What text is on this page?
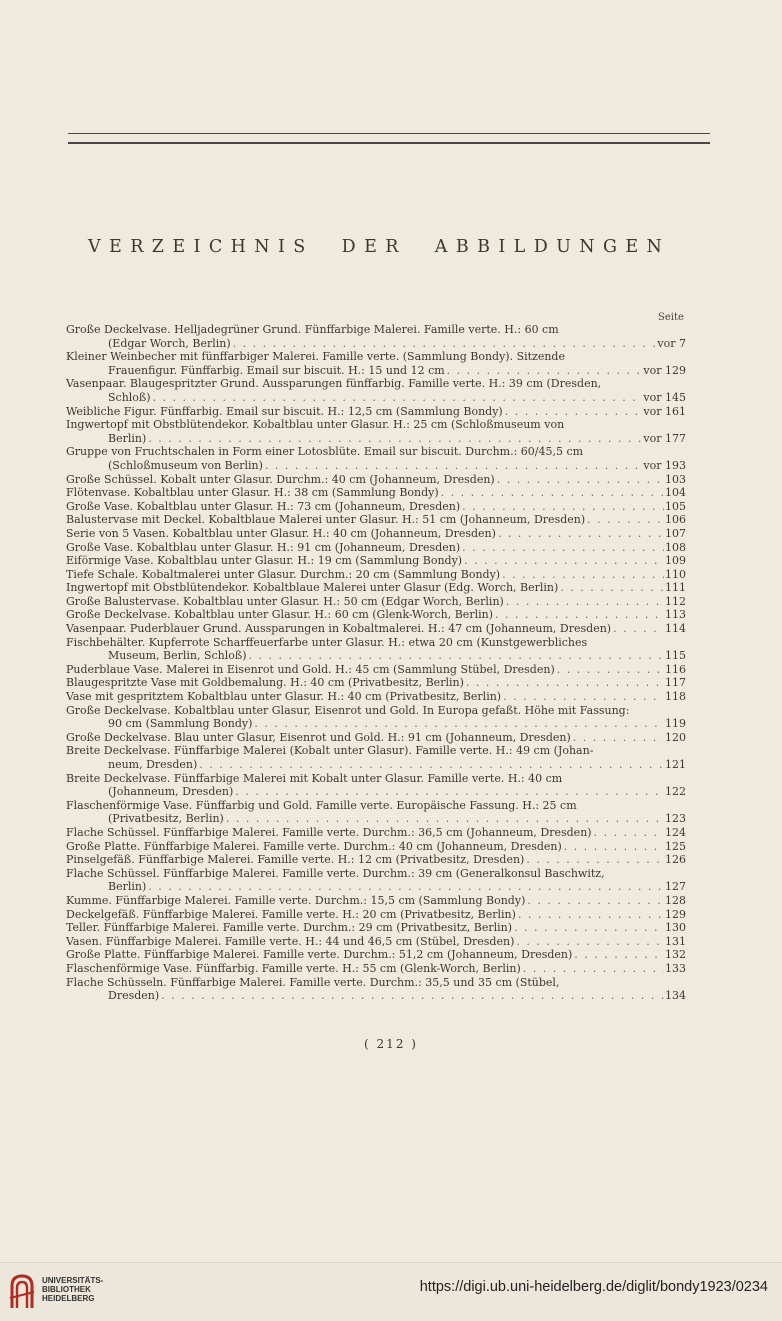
VERZEICHNIS DER ABBILDUNGEN
Seite
Große Deckelvase. Helljadegrüner Grund. Fünffarbige Malerei. Famille verte. H.: 60 cm
(Edgar Worch, Berlin) . . .	vor 7
Kleiner Weinbecher mit fünffarbiger Malerei. Famille verte. (Sammlung Bondy). Sitzende
Frauenfigur. Fünffarbig. Email sur biscuit. H.: 15 und 12 cm . . .	vor 129
Vasenpaar. Blaugespritzter Grund. Aussparungen fünffarbig. Famille verte. H.: 39 cm (Dresden,
Schloß) . . .	vor 145
Weibliche Figur. Fünffarbig. Email sur biscuit. H.: 12,5 cm (Sammlung Bondy) . . .	vor 161
Ingwertopf mit Obstblütendekor. Kobaltblau unter Glasur. H.: 25 cm (Schloßmuseum von
Berlin) . . .	vor 177
Gruppe von Fruchtschalen in Form einer Lotosblüte. Email sur biscuit. Durchm.: 60/45,5 cm
(Schloßmuseum von Berlin) . . .	vor 193
Große Schüssel. Kobalt unter Glasur. Durchm.: 40 cm (Johanneum, Dresden) . . .	103
Flötenvase. Kobaltblau unter Glasur. H.: 38 cm (Sammlung Bondy) . . .	104
Große Vase. Kobaltblau unter Glasur. H.: 73 cm (Johanneum, Dresden) . . .	105
Balustervase mit Deckel. Kobaltblaue Malerei unter Glasur. H.: 51 cm (Johanneum, Dresden) . . .	106
Serie von 5 Vasen. Kobaltblau unter Glasur. H.: 40 cm (Johanneum, Dresden) . . .	107
Große Vase. Kobaltblau unter Glasur. H.: 91 cm (Johanneum, Dresden) . . .	108
Eiförmige Vase. Kobaltblau unter Glasur. H.: 19 cm (Sammlung Bondy) . . .	109
Tiefe Schale. Kobaltmalerei unter Glasur. Durchm.: 20 cm (Sammlung Bondy) . . .	110
Ingwertopf mit Obstblütendekor. Kobaltblaue Malerei unter Glasur (Edg. Worch, Berlin) . . .	111
Große Balustervase. Kobaltblau unter Glasur. H.: 50 cm (Edgar Worch, Berlin) . . .	112
Große Deckelvase. Kobaltblau unter Glasur. H.: 60 cm (Glenk-Worch, Berlin) . . .	113
Vasenpaar. Puderblauer Grund. Aussparungen in Kobaltmalerei. H.: 47 cm (Johanneum, Dresden) . . .	114
Fischbehälter. Kupferrote Scharffeuerfarbe unter Glasur. H.: etwa 20 cm (Kunstgewerbliches
Museum, Berlin, Schloß) . . .	115
Puderblaue Vase. Malerei in Eisenrot und Gold. H.: 45 cm (Sammlung Stübel, Dresden) . . .	116
Blaugespritzte Vase mit Goldbemalung. H.: 40 cm (Privatbesitz, Berlin) . . .	117
Vase mit gespritztem Kobaltblau unter Glasur. H.: 40 cm (Privatbesitz, Berlin) . . .	118
Große Deckelvase. Kobaltblau unter Glasur, Eisenrot und Gold. In Europa gefaßt. Höhe mit Fassung:
90 cm (Sammlung Bondy) . . .	119
Große Deckelvase. Blau unter Glasur, Eisenrot und Gold. H.: 91 cm (Johanneum, Dresden) . . .	120
Breite Deckelvase. Fünffarbige Malerei (Kobalt unter Glasur). Famille verte. H.: 49 cm (Johan-
neum, Dresden) . . .	121
Breite Deckelvase. Fünffarbige Malerei mit Kobalt unter Glasur. Famille verte. H.: 40 cm
(Johanneum, Dresden) . . .	122
Flaschenförmige Vase. Fünffarbig und Gold. Famille verte. Europäische Fassung. H.: 25 cm
(Privatbesitz, Berlin) . . .	123
Flache Schüssel. Fünffarbige Malerei. Famille verte. Durchm.: 36,5 cm (Johanneum, Dresden) . . .	124
Große Platte. Fünffarbige Malerei. Famille verte. Durchm.: 40 cm (Johanneum, Dresden) . . .	125
Pinselgefäß. Fünffarbige Malerei. Famille verte. H.: 12 cm (Privatbesitz, Dresden) . . .	126
Flache Schüssel. Fünffarbige Malerei. Famille verte. Durchm.: 39 cm (Generalkonsul Baschwitz,
Berlin) . . .	127
Kumme. Fünffarbige Malerei. Famille verte. Durchm.: 15,5 cm (Sammlung Bondy) . . .	128
Deckelgefäß. Fünffarbige Malerei. Famille verte. H.: 20 cm (Privatbesitz, Berlin) . . .	129
Teller. Fünffarbige Malerei. Famille verte. Durchm.: 29 cm (Privatbesitz, Berlin) . . .	130
Vasen. Fünffarbige Malerei. Famille verte. H.: 44 und 46,5 cm (Stübel, Dresden) . . .	131
Große Platte. Fünffarbige Malerei. Famille verte. Durchm.: 51,2 cm (Johanneum, Dresden) . . .	132
Flaschenförmige Vase. Fünffarbig. Famille verte. H.: 55 cm (Glenk-Worch, Berlin) . . .	133
Flache Schüsseln. Fünffarbige Malerei. Famille verte. Durchm.: 35,5 und 35 cm (Stübel,
Dresden) . . .	134
( 212 )
UNIVERSITÄTS-
BIBLIOTHEK
HEIDELBERG
https://digi.ub.uni-heidelberg.de/diglit/bondy1923/0234
